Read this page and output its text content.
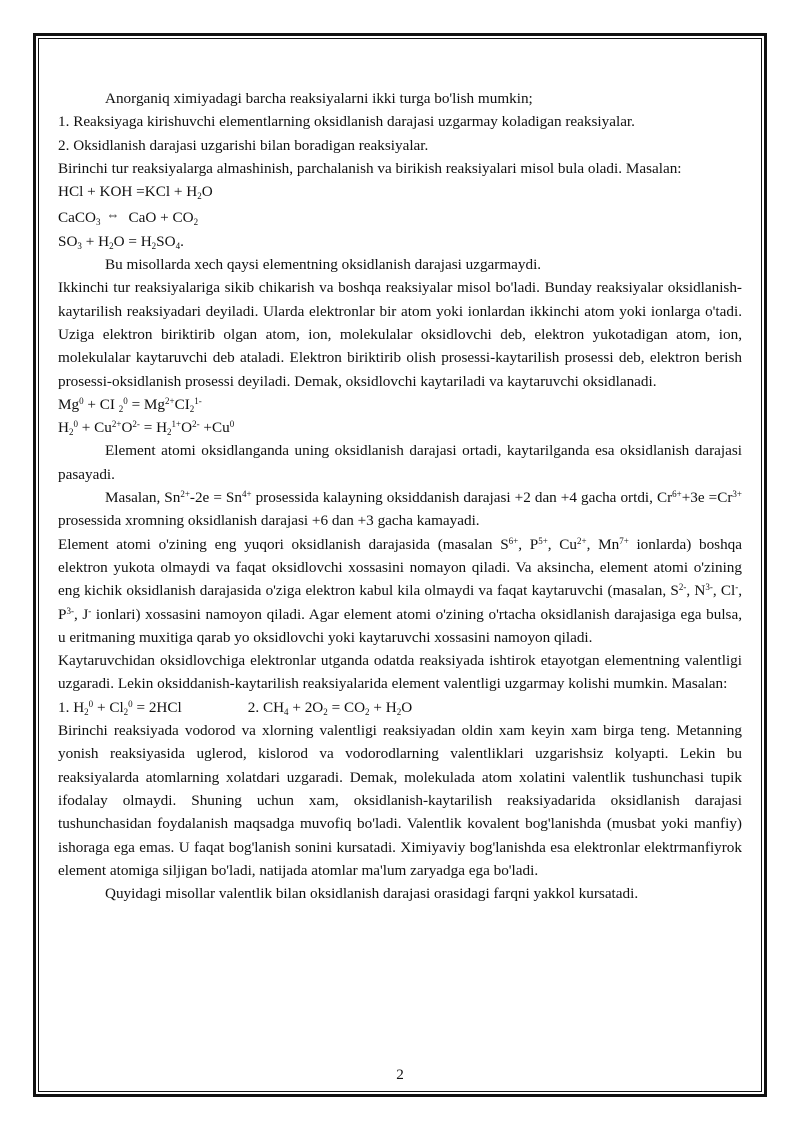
Anorganiq ximiyadagi barcha reaksiyalarni ikki turga bo'lish mumkin;

1. Reaksiyaga kirishuvchi elementlarning oksidlanish darajasi uzgarmay koladigan reaksiyalar.

2. Oksidlanish darajasi uzgarishi bilan boradigan reaksiyalar.

Birinchi tur reaksiyalarga almashinish, parchalanish va birikish reaksiyalari misol bula oladi. Masalan:

HCl + KOH $=KCl + H_2O$

CaCO$_3$ ⇔ CaO + $CO_2$

$SO_3 + H_2O = H_2SO_4$.

Bu misollarda xech qaysi elementning oksidlanish darajasi uzgarmaydi.

Ikkinchi tur reaksiyalariga sikib chikarish va boshqa reaksiyalar misol bo'ladi. Bunday reaksiyalar oksidlanish-kaytarilish reaksiyadari deyiladi. Ularda elektronlar bir atom yoki ionlardan ikkinchi atom yoki ionlarga o'tadi. Uziga elektron biriktirib olgan atom, ion, molekulalar oksidlovchi deb, elektron yukotadigan atom, ion, molekulalar kaytaruvchi deb ataladi. Elektron biriktirib olish prosessi-kaytarilish prosessi deb, elektron berish prosessi-oksidlanish prosessi deyiladi. Demak, oksidlovchi kaytariladi va kaytaruvchi oksidlanadi.

$Mg^0$ + CI $_2^0 = Mg^{2+}CI_2^{1-}$

$H_2^0 + Cu^{2+}O^{2-} = H_2^{1+}O^{2-} +Cu^0$

Element atomi oksidlanganda uning oksidlanish darajasi ortadi, kaytarilganda esa oksidlanish darajasi pasayadi.

Masalan, $Sn^{2+}-2e = Sn^{4+}$ prosessida kalayning oksiddanish darajasi +2 dan +4 gacha ortdi, $Cr^{6+}+3e =Cr^{3+}$ prosessida xromning oksidlanish darajasi +6 dan +3 gacha kamayadi.

Element atomi o'zining eng yuqori oksidlanish darajasida (masalan $S^{6+}$, $P^{5+}$, $Cu^{2+}$, $Mn^{7+}$ ionlarda) boshqa elektron yukota olmaydi va faqat oksidlovchi xossasini nomayon qiladi. Va aksincha, element atomi o'zining eng kichik oksidlanish darajasida o'ziga elektron kabul kila olmaydi va faqat kaytaruvchi (masalan, $S^{2-}$, $N^{3-}$, Cl-, $P^{3-}$, J- ionlari) xossasini namoyon qiladi. Agar element atomi o'zining o'rtacha oksidlanish darajasiga ega bulsa, u eritmaning muxitiga qarab yo oksidlovchi yoki kaytaruvchi xossasini namoyon qiladi.

Kaytaruvchidan oksidlovchiga elektronlar utganda odatda reaksiyada ishtirok etayotgan elementning valentligi uzgaradi. Lekin oksiddanish-kaytarilish reaksiyalarida element valentligi uzgarmay kolishi mumkin. Masalan:

1. $H_2^0 + Cl_2^0 = 2HCl$	2. $CH_4 + 2O_2 = CO_2 + H_2O$

Birinchi reaksiyada vodorod va xlorning valentligi reaksiyadan oldin xam keyin xam birga teng. Metanning yonish reaksiyasida uglerod, kislorod va vodorodlarning valentliklari uzgarishsiz kolyapti. Lekin bu reaksiyalarda atomlarning xolatdari uzgaradi. Demak, molekulada atom xolatini valentlik tushunchasi tupik ifodalay olmaydi. Shuning uchun xam, oksidlanish-kaytarilish reaksiyadarida oksidlanish darajasi tushunchasidan foydalanish maqsadga muvofiq bo'ladi. Valentlik kovalent bog'lanishda (musbat yoki manfiy) ishoraga ega emas. U faqat bog'lanish sonini kursatadi. Ximiyaviy bog'lanishda esa elektronlar elektrmanfiyrok element atomiga siljigan bo'ladi, natijada atomlar ma'lum zaryadga ega bo'ladi.

Quyidagi misollar valentlik bilan oksidlanish darajasi orasidagi farqni yakkol kursatadi.

2
